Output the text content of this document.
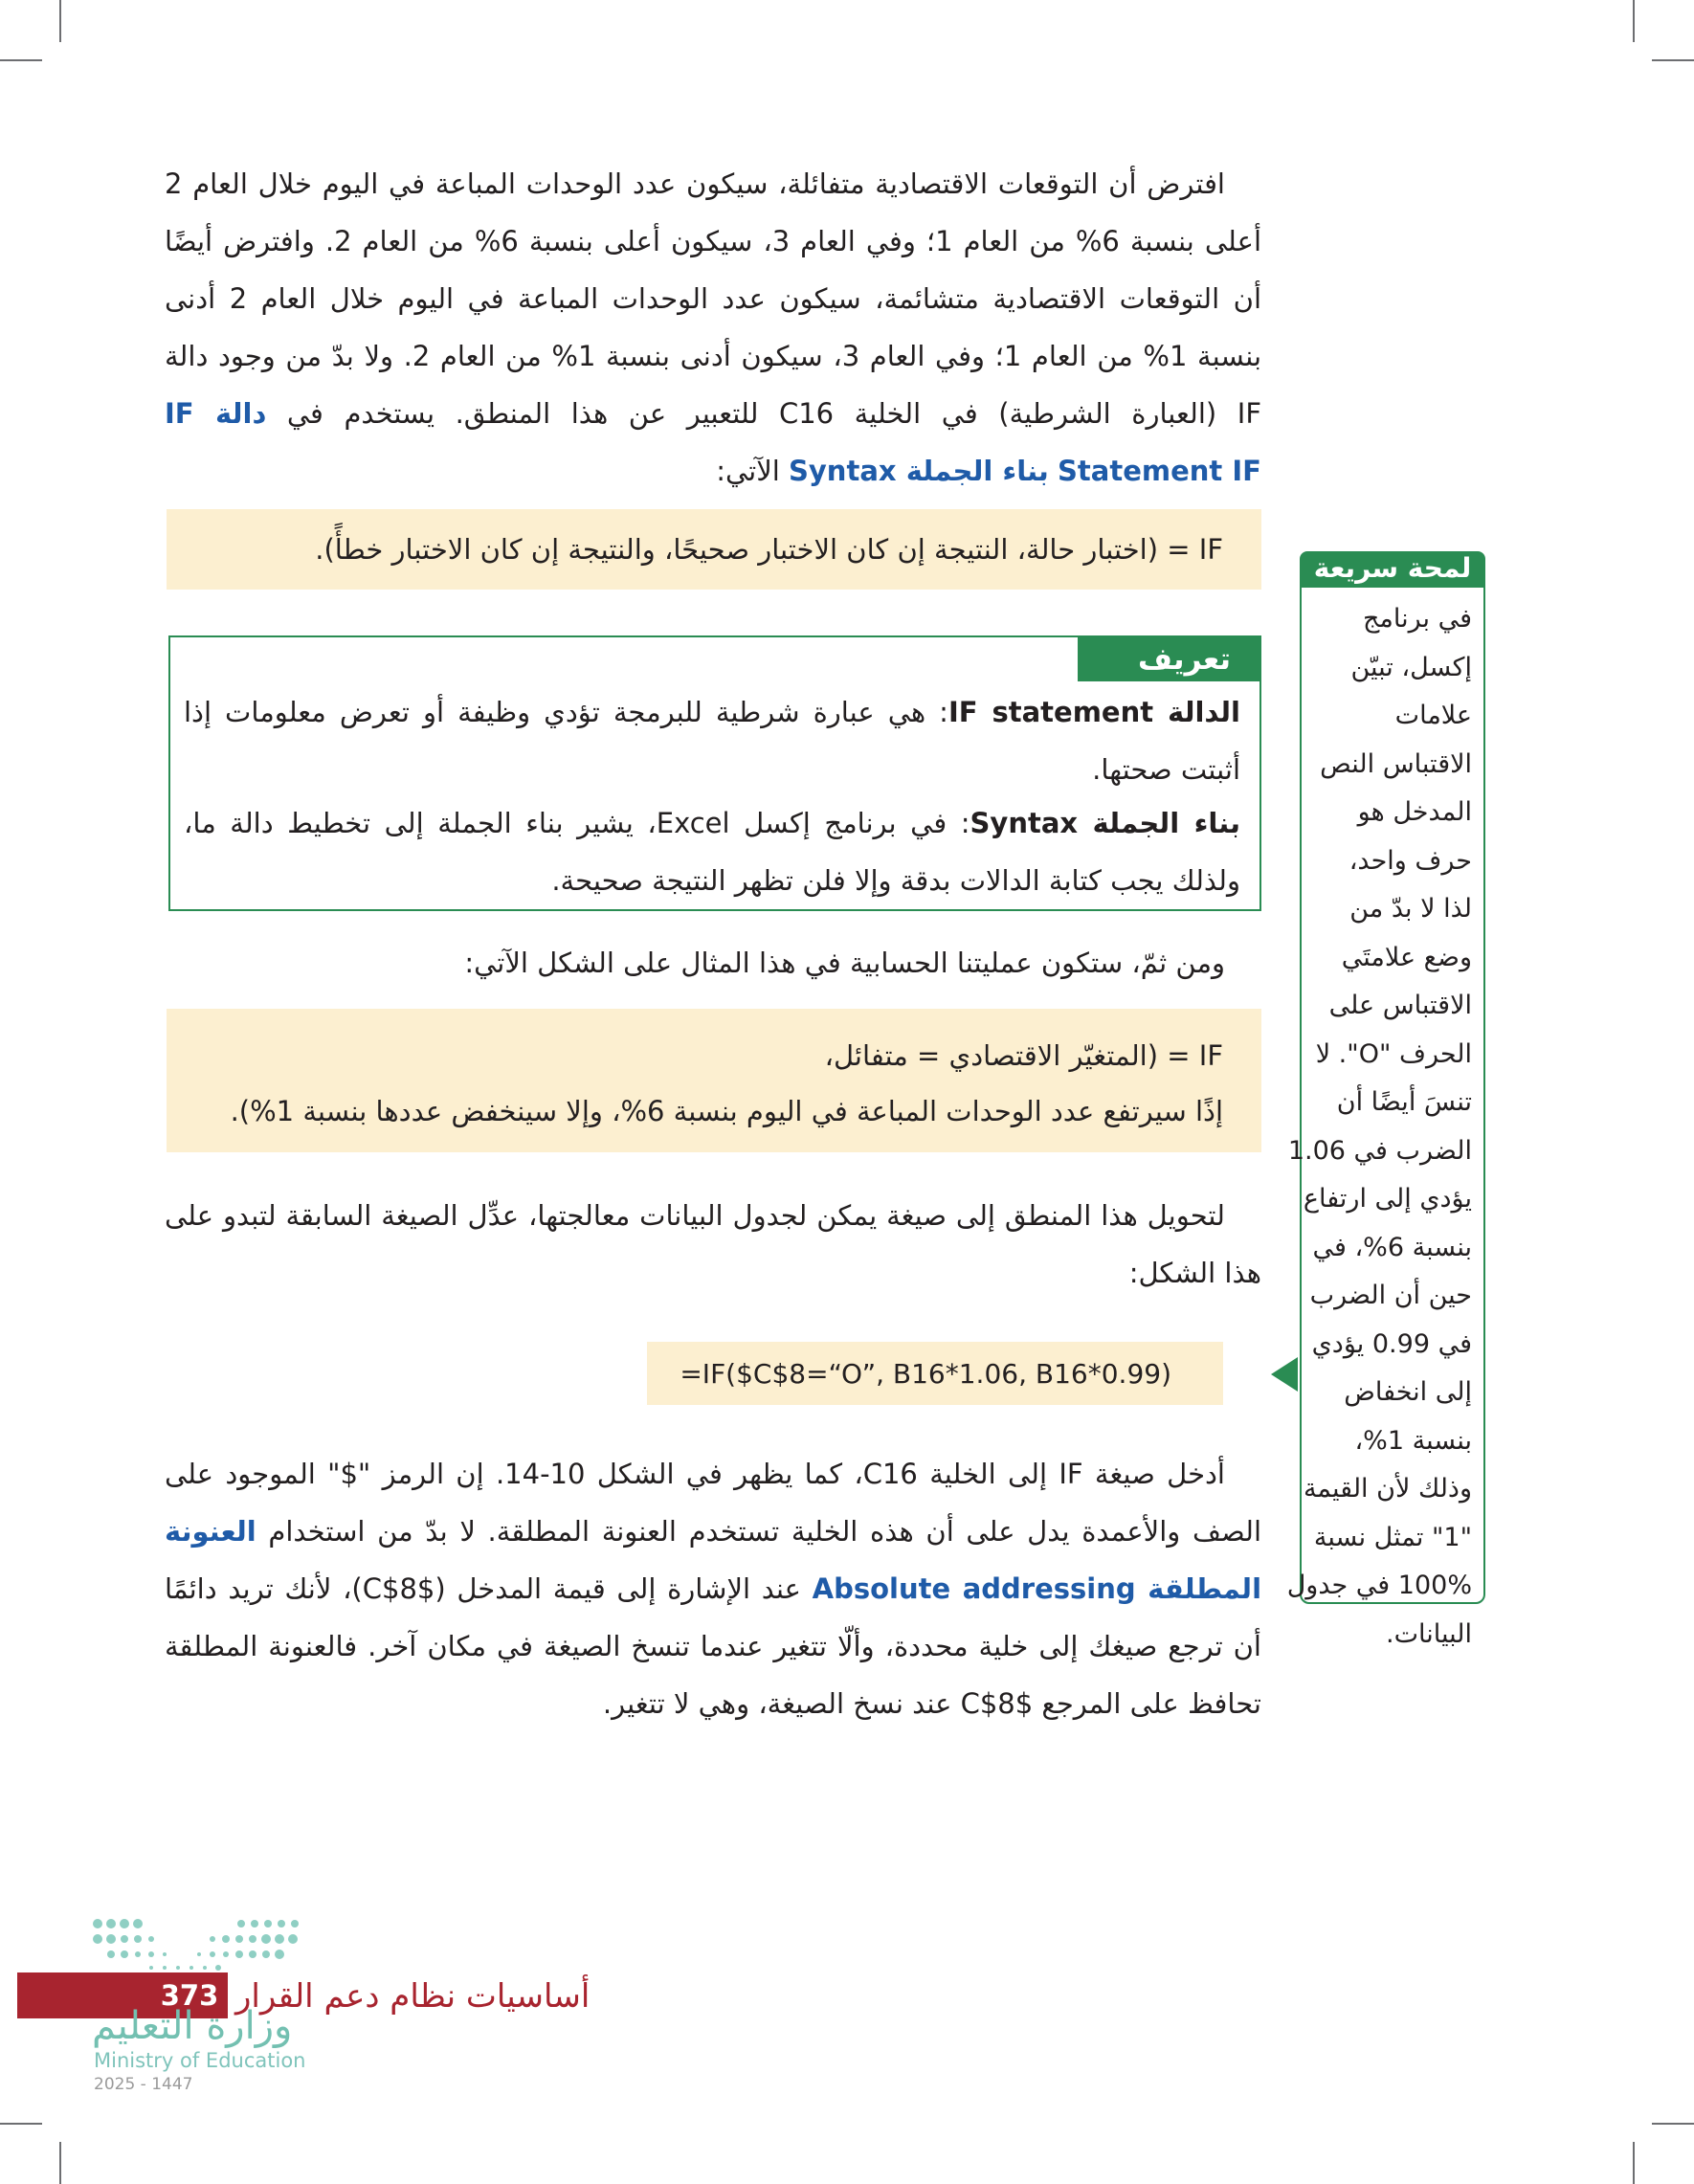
افترض أن التوقعات الاقتصادية متفائلة، سيكون عدد الوحدات المباعة في اليوم خلال العام 2 أعلى بنسبة 6% من العام 1؛ وفي العام 3، سيكون أعلى بنسبة 6% من العام 2. وافترض أيضًا أن التوقعات الاقتصادية متشائمة، سيكون عدد الوحدات المباعة في اليوم خلال العام 2 أدنى بنسبة 1% من العام 1؛ وفي العام 3، سيكون أدنى بنسبة 1% من العام 2. ولا بدّ من وجود دالة IF (العبارة الشرطية) في الخلية C16 للتعبير عن هذا المنطق. يستخدم في دالة IF Statement IF بناء الجملة Syntax الآتي:

IF = (اختبار حالة، النتيجة إن كان الاختبار صحيحًا، والنتيجة إن كان الاختبار خطأً).
تعريف
الدالة IF statement: هي عبارة شرطية للبرمجة تؤدي وظيفة أو تعرض معلومات إذا أثبتت صحتها.
بناء الجملة Syntax: في برنامج إكسل Excel، يشير بناء الجملة إلى تخطيط دالة ما، ولذلك يجب كتابة الدالات بدقة وإلا فلن تظهر النتيجة صحيحة.

ومن ثمّ، ستكون عمليتنا الحسابية في هذا المثال على الشكل الآتي:

IF = (المتغيّر الاقتصادي = متفائل،
إذًا سيرتفع عدد الوحدات المباعة في اليوم بنسبة 6%، وإلا سينخفض عددها بنسبة 1%).

لتحويل هذا المنطق إلى صيغة يمكن لجدول البيانات معالجتها، عدِّل الصيغة السابقة لتبدو على هذا الشكل:

=IF($C$8=“O”, B16*1.06, B16*0.99)

أدخل صيغة IF إلى الخلية C16، كما يظهر في الشكل 10-14. إن الرمز "$" الموجود على الصف والأعمدة يدل على أن هذه الخلية تستخدم العنونة المطلقة. لا بدّ من استخدام العنونة المطلقة Absolute addressing عند الإشارة إلى قيمة المدخل ($C$8)، لأنك تريد دائمًا أن ترجع صيغك إلى خلية محددة، وألّا تتغير عندما تنسخ الصيغة في مكان آخر. فالعنونة المطلقة تحافظ على المرجع $C$8 عند نسخ الصيغة، وهي لا تتغير.

لمحة سريعة
في برنامج
إكسل، تبيّن
علامات
الاقتباس النص
المدخل هو
حرف واحد،
لذا لا بدّ من
وضع علامتَي
الاقتباس على
الحرف "O". لا
تنسَ أيضًا أن
الضرب في 1.06
يؤدي إلى ارتفاع
بنسبة 6%، في
حين أن الضرب
في 0.99 يؤدي
إلى انخفاض
بنسبة 1%،
وذلك لأن القيمة
"1" تمثل نسبة
100% في جدول
البيانات.
373 أساسيات نظام دعم القرار
وزارة التعليم
Ministry of Education
2025 - 1447
